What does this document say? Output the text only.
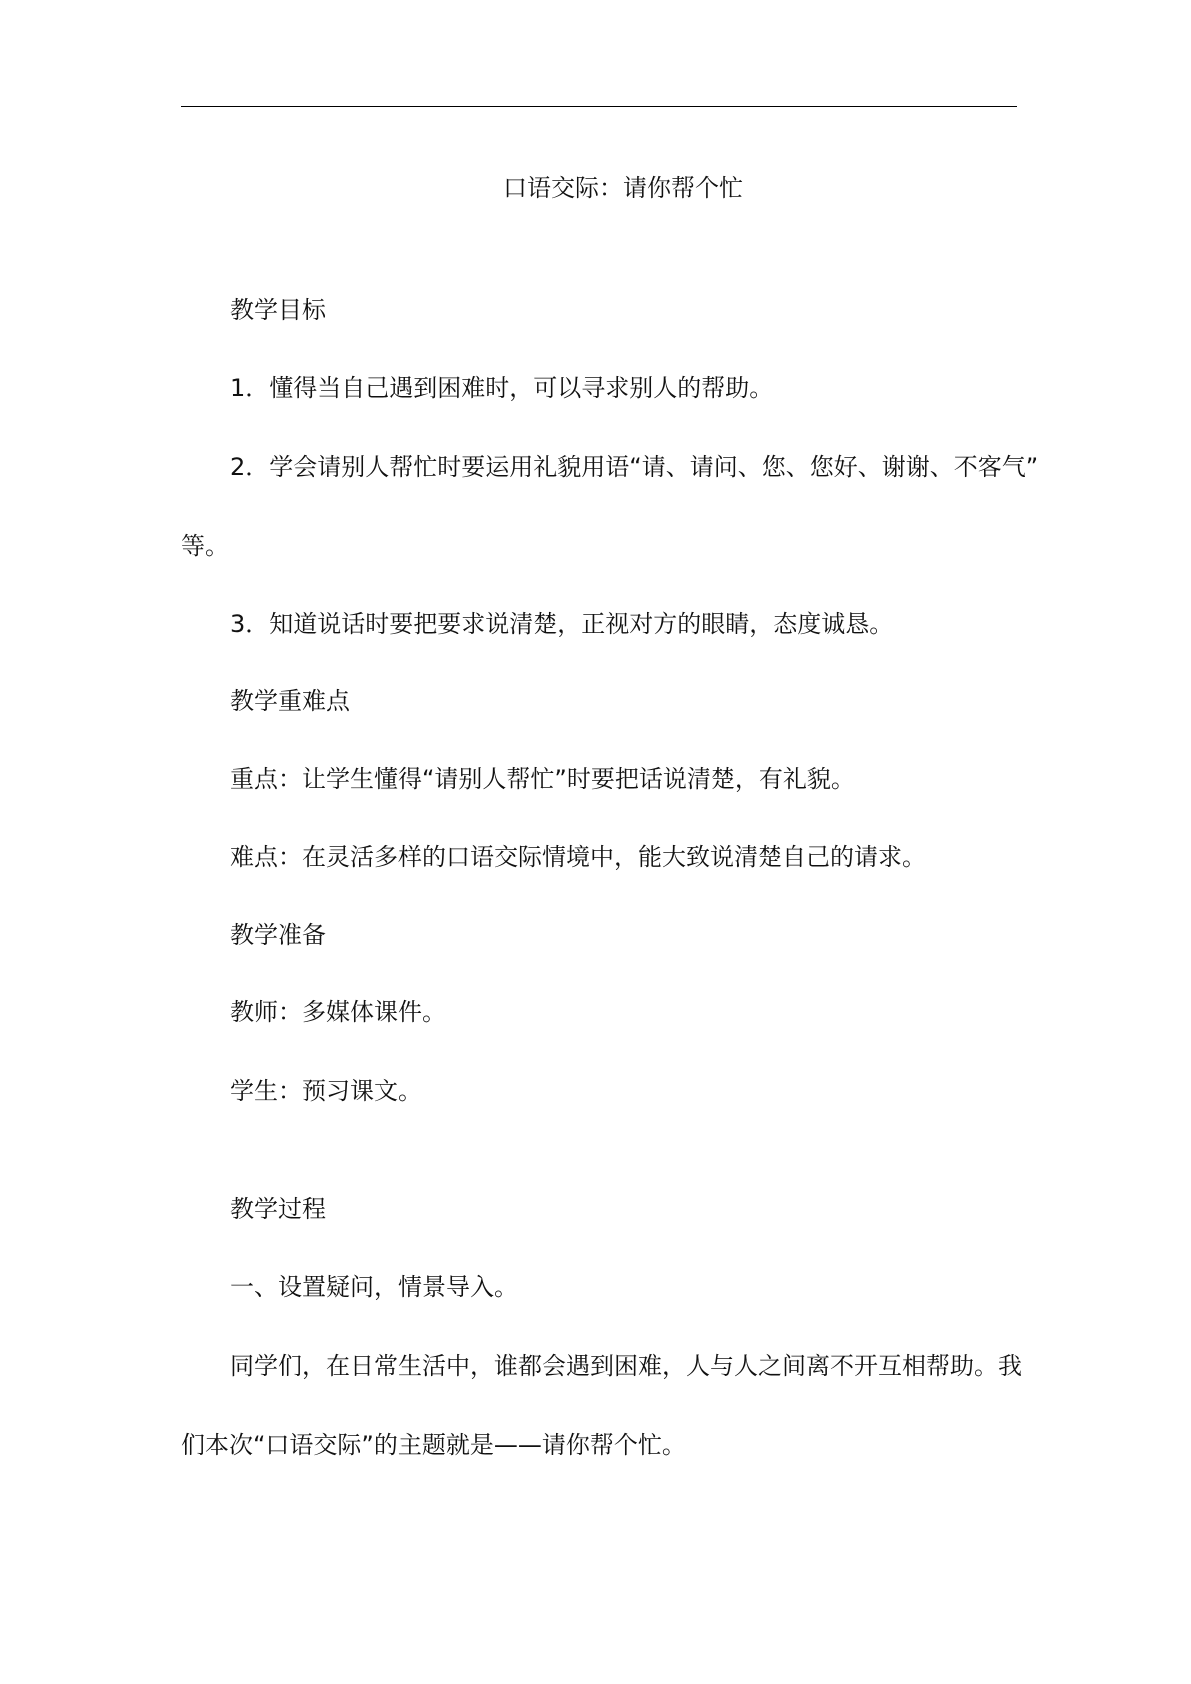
口语交际：请你帮个忙
教学目标
1．懂得当自己遇到困难时，可以寻求别人的帮助。
2．学会请别人帮忙时要运用礼貌用语“请、请问、您、您好、谢谢、不客气”
等。
3．知道说话时要把要求说清楚，正视对方的眼睛，态度诚恳。
教学重难点
重点：让学生懂得“请别人帮忙”时要把话说清楚，有礼貌。
难点：在灵活多样的口语交际情境中，能大致说清楚自己的请求。
教学准备
教师：多媒体课件。
学生：预习课文。
教学过程
一、设置疑问，情景导入。
同学们，在日常生活中，谁都会遇到困难，人与人之间离不开互相帮助。我
们本次“口语交际”的主题就是——请你帮个忙。
